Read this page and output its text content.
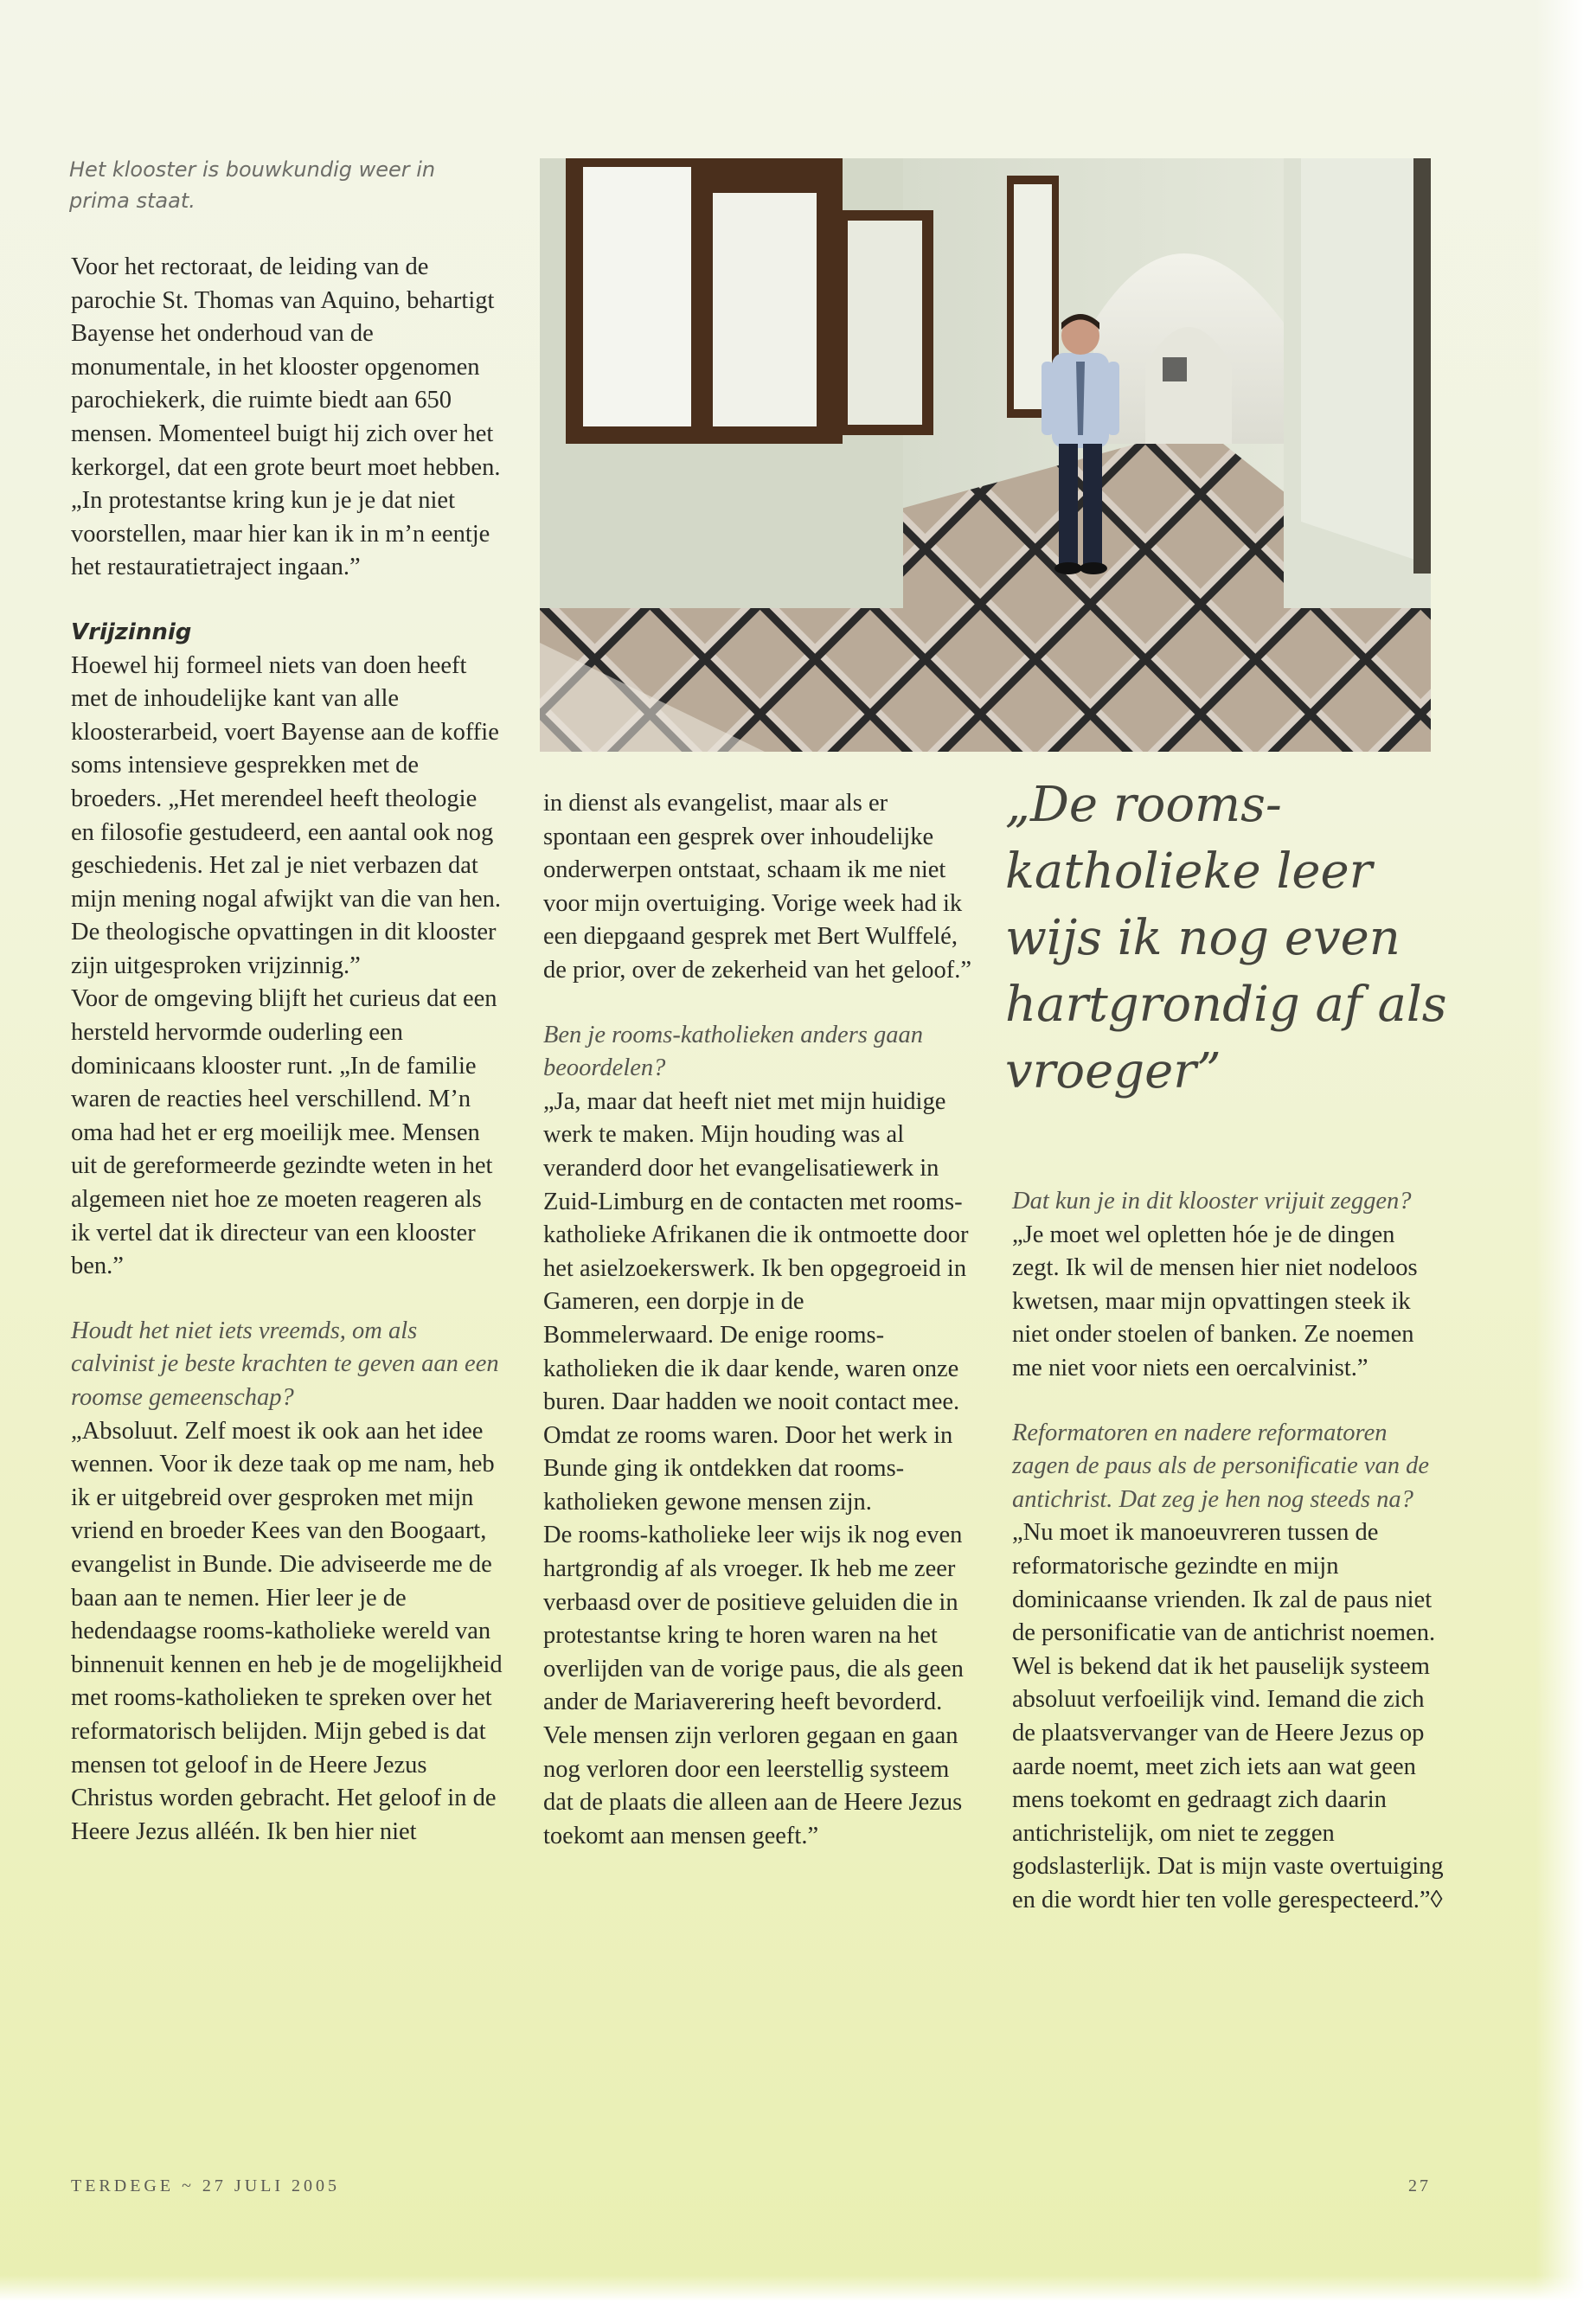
Het klooster is bouwkundig weer in prima staat.

Voor het rectoraat, de leiding van de parochie St. Thomas van Aquino, behartigt Bayense het onderhoud van de monumentale, in het klooster opgenomen parochiekerk, die ruimte biedt aan 650 mensen. Momenteel buigt hij zich over het kerkorgel, dat een grote beurt moet hebben. „In protestantse kring kun je je dat niet voorstellen, maar hier kan ik in m’n eentje het restauratietraject ingaan.”

Vrijzinnig

Hoewel hij formeel niets van doen heeft met de inhoudelijke kant van alle kloosterarbeid, voert Bayense aan de koffie soms intensieve gesprekken met de broeders. „Het merendeel heeft theologie en filosofie gestudeerd, een aantal ook nog geschiedenis. Het zal je niet verbazen dat mijn mening nogal afwijkt van die van hen. De theologische opvattingen in dit klooster zijn uitgesproken vrijzinnig.”

Voor de omgeving blijft het curieus dat een hersteld hervormde ouderling een dominicaans klooster runt. „In de familie waren de reacties heel verschillend. M’n oma had het er erg moeilijk mee. Mensen uit de gereformeerde gezindte weten in het algemeen niet hoe ze moeten reageren als ik vertel dat ik directeur van een klooster ben.”

Houdt het niet iets vreemds, om als calvinist je beste krachten te geven aan een roomse gemeenschap?

„Absoluut. Zelf moest ik ook aan het idee wennen. Voor ik deze taak op me nam, heb ik er uitgebreid over gesproken met mijn vriend en broeder Kees van den Boogaart, evangelist in Bunde. Die adviseerde me de baan aan te nemen. Hier leer je de hedendaagse rooms-katholieke wereld van binnenuit kennen en heb je de mogelijkheid met rooms-katholieken te spreken over het reformatorisch belijden. Mijn gebed is dat mensen tot geloof in de Heere Jezus Christus worden gebracht. Het geloof in de Heere Jezus alléén. Ik ben hier niet

in dienst als evangelist, maar als er spontaan een gesprek over inhoudelijke onderwerpen ontstaat, schaam ik me niet voor mijn overtuiging. Vorige week had ik een diepgaand gesprek met Bert Wulffelé, de prior, over de zekerheid van het geloof.”

Ben je rooms-katholieken anders gaan beoordelen?

„Ja, maar dat heeft niet met mijn huidige werk te maken. Mijn houding was al veranderd door het evangelisatiewerk in Zuid-Limburg en de contacten met rooms-katholieke Afrikanen die ik ontmoette door het asielzoekerswerk. Ik ben opgegroeid in Gameren, een dorpje in de Bommelerwaard. De enige rooms-katholieken die ik daar kende, waren onze buren. Daar hadden we nooit contact mee. Omdat ze rooms waren. Door het werk in Bunde ging ik ontdekken dat rooms-katholieken gewone mensen zijn.

De rooms-katholieke leer wijs ik nog even hartgrondig af als vroeger. Ik heb me zeer verbaasd over de positieve geluiden die in protestantse kring te horen waren na het overlijden van de vorige paus, die als geen ander de Mariaverering heeft bevorderd. Vele mensen zijn verloren gegaan en gaan nog verloren door een leerstellig systeem dat de plaats die alleen aan de Heere Jezus toekomt aan mensen geeft.”

„De rooms-katholieke leer wijs ik nog even hartgrondig af als vroeger”

Dat kun je in dit klooster vrijuit zeggen?

„Je moet wel opletten hóe je de dingen zegt. Ik wil de mensen hier niet nodeloos kwetsen, maar mijn opvattingen steek ik niet onder stoelen of banken. Ze noemen me niet voor niets een oercalvinist.”

Reformatoren en nadere reformatoren zagen de paus als de personificatie van de antichrist. Dat zeg je hen nog steeds na?

„Nu moet ik manoeuvreren tussen de reformatorische gezindte en mijn dominicaanse vrienden. Ik zal de paus niet de personificatie van de antichrist noemen. Wel is bekend dat ik het pauselijk systeem absoluut verfoeilijk vind. Iemand die zich de plaatsvervanger van de Heere Jezus op aarde noemt, meet zich iets aan wat geen mens toekomt en gedraagt zich daarin antichristelijk, om niet te zeggen godslasterlijk. Dat is mijn vaste overtuiging en die wordt hier ten volle gerespecteerd.”◊

TERDEGE ~ 27 JULI 2005	27
